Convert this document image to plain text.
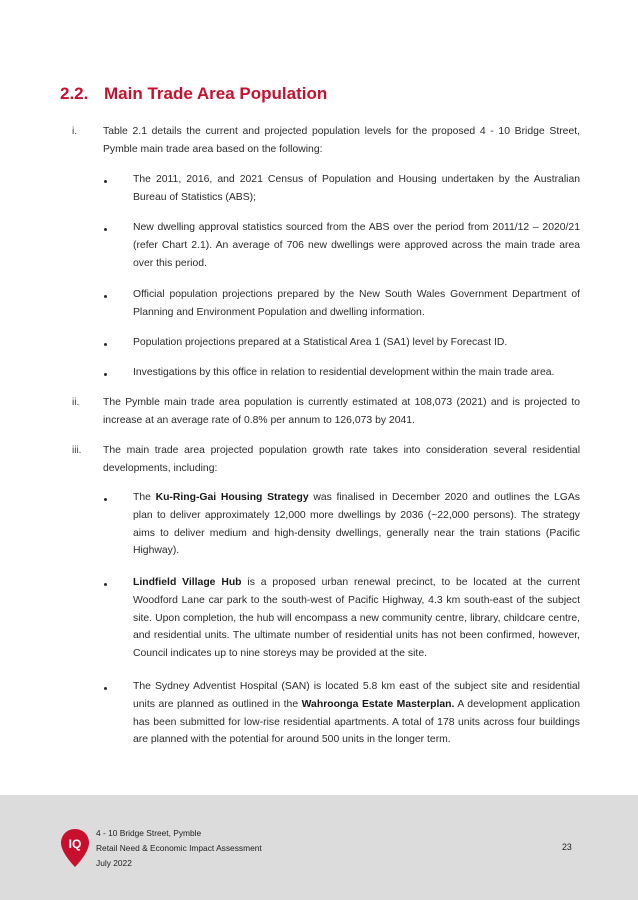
2.2. Main Trade Area Population
i.	Table 2.1 details the current and projected population levels for the proposed 4 - 10 Bridge Street, Pymble main trade area based on the following:
The 2011, 2016, and 2021 Census of Population and Housing undertaken by the Australian Bureau of Statistics (ABS);
New dwelling approval statistics sourced from the ABS over the period from 2011/12 – 2020/21 (refer Chart 2.1). An average of 706 new dwellings were approved across the main trade area over this period.
Official population projections prepared by the New South Wales Government Department of Planning and Environment Population and dwelling information.
Population projections prepared at a Statistical Area 1 (SA1) level by Forecast ID.
Investigations by this office in relation to residential development within the main trade area.
ii. The Pymble main trade area population is currently estimated at 108,073 (2021) and is projected to increase at an average rate of 0.8% per annum to 126,073 by 2041.
iii. The main trade area projected population growth rate takes into consideration several residential developments, including:
The Ku-Ring-Gai Housing Strategy was finalised in December 2020 and outlines the LGAs plan to deliver approximately 12,000 more dwellings by 2036 (~22,000 persons). The strategy aims to deliver medium and high-density dwellings, generally near the train stations (Pacific Highway).
Lindfield Village Hub is a proposed urban renewal precinct, to be located at the current Woodford Lane car park to the south-west of Pacific Highway, 4.3 km south-east of the subject site. Upon completion, the hub will encompass a new community centre, library, childcare centre, and residential units. The ultimate number of residential units has not been confirmed, however, Council indicates up to nine storeys may be provided at the site.
The Sydney Adventist Hospital (SAN) is located 5.8 km east of the subject site and residential units are planned as outlined in the Wahroonga Estate Masterplan. A development application has been submitted for low-rise residential apartments. A total of 178 units across four buildings are planned with the potential for around 500 units in the longer term.
IQ
4 - 10 Bridge Street, Pymble
Retail Need & Economic Impact Assessment
July 2022
23
